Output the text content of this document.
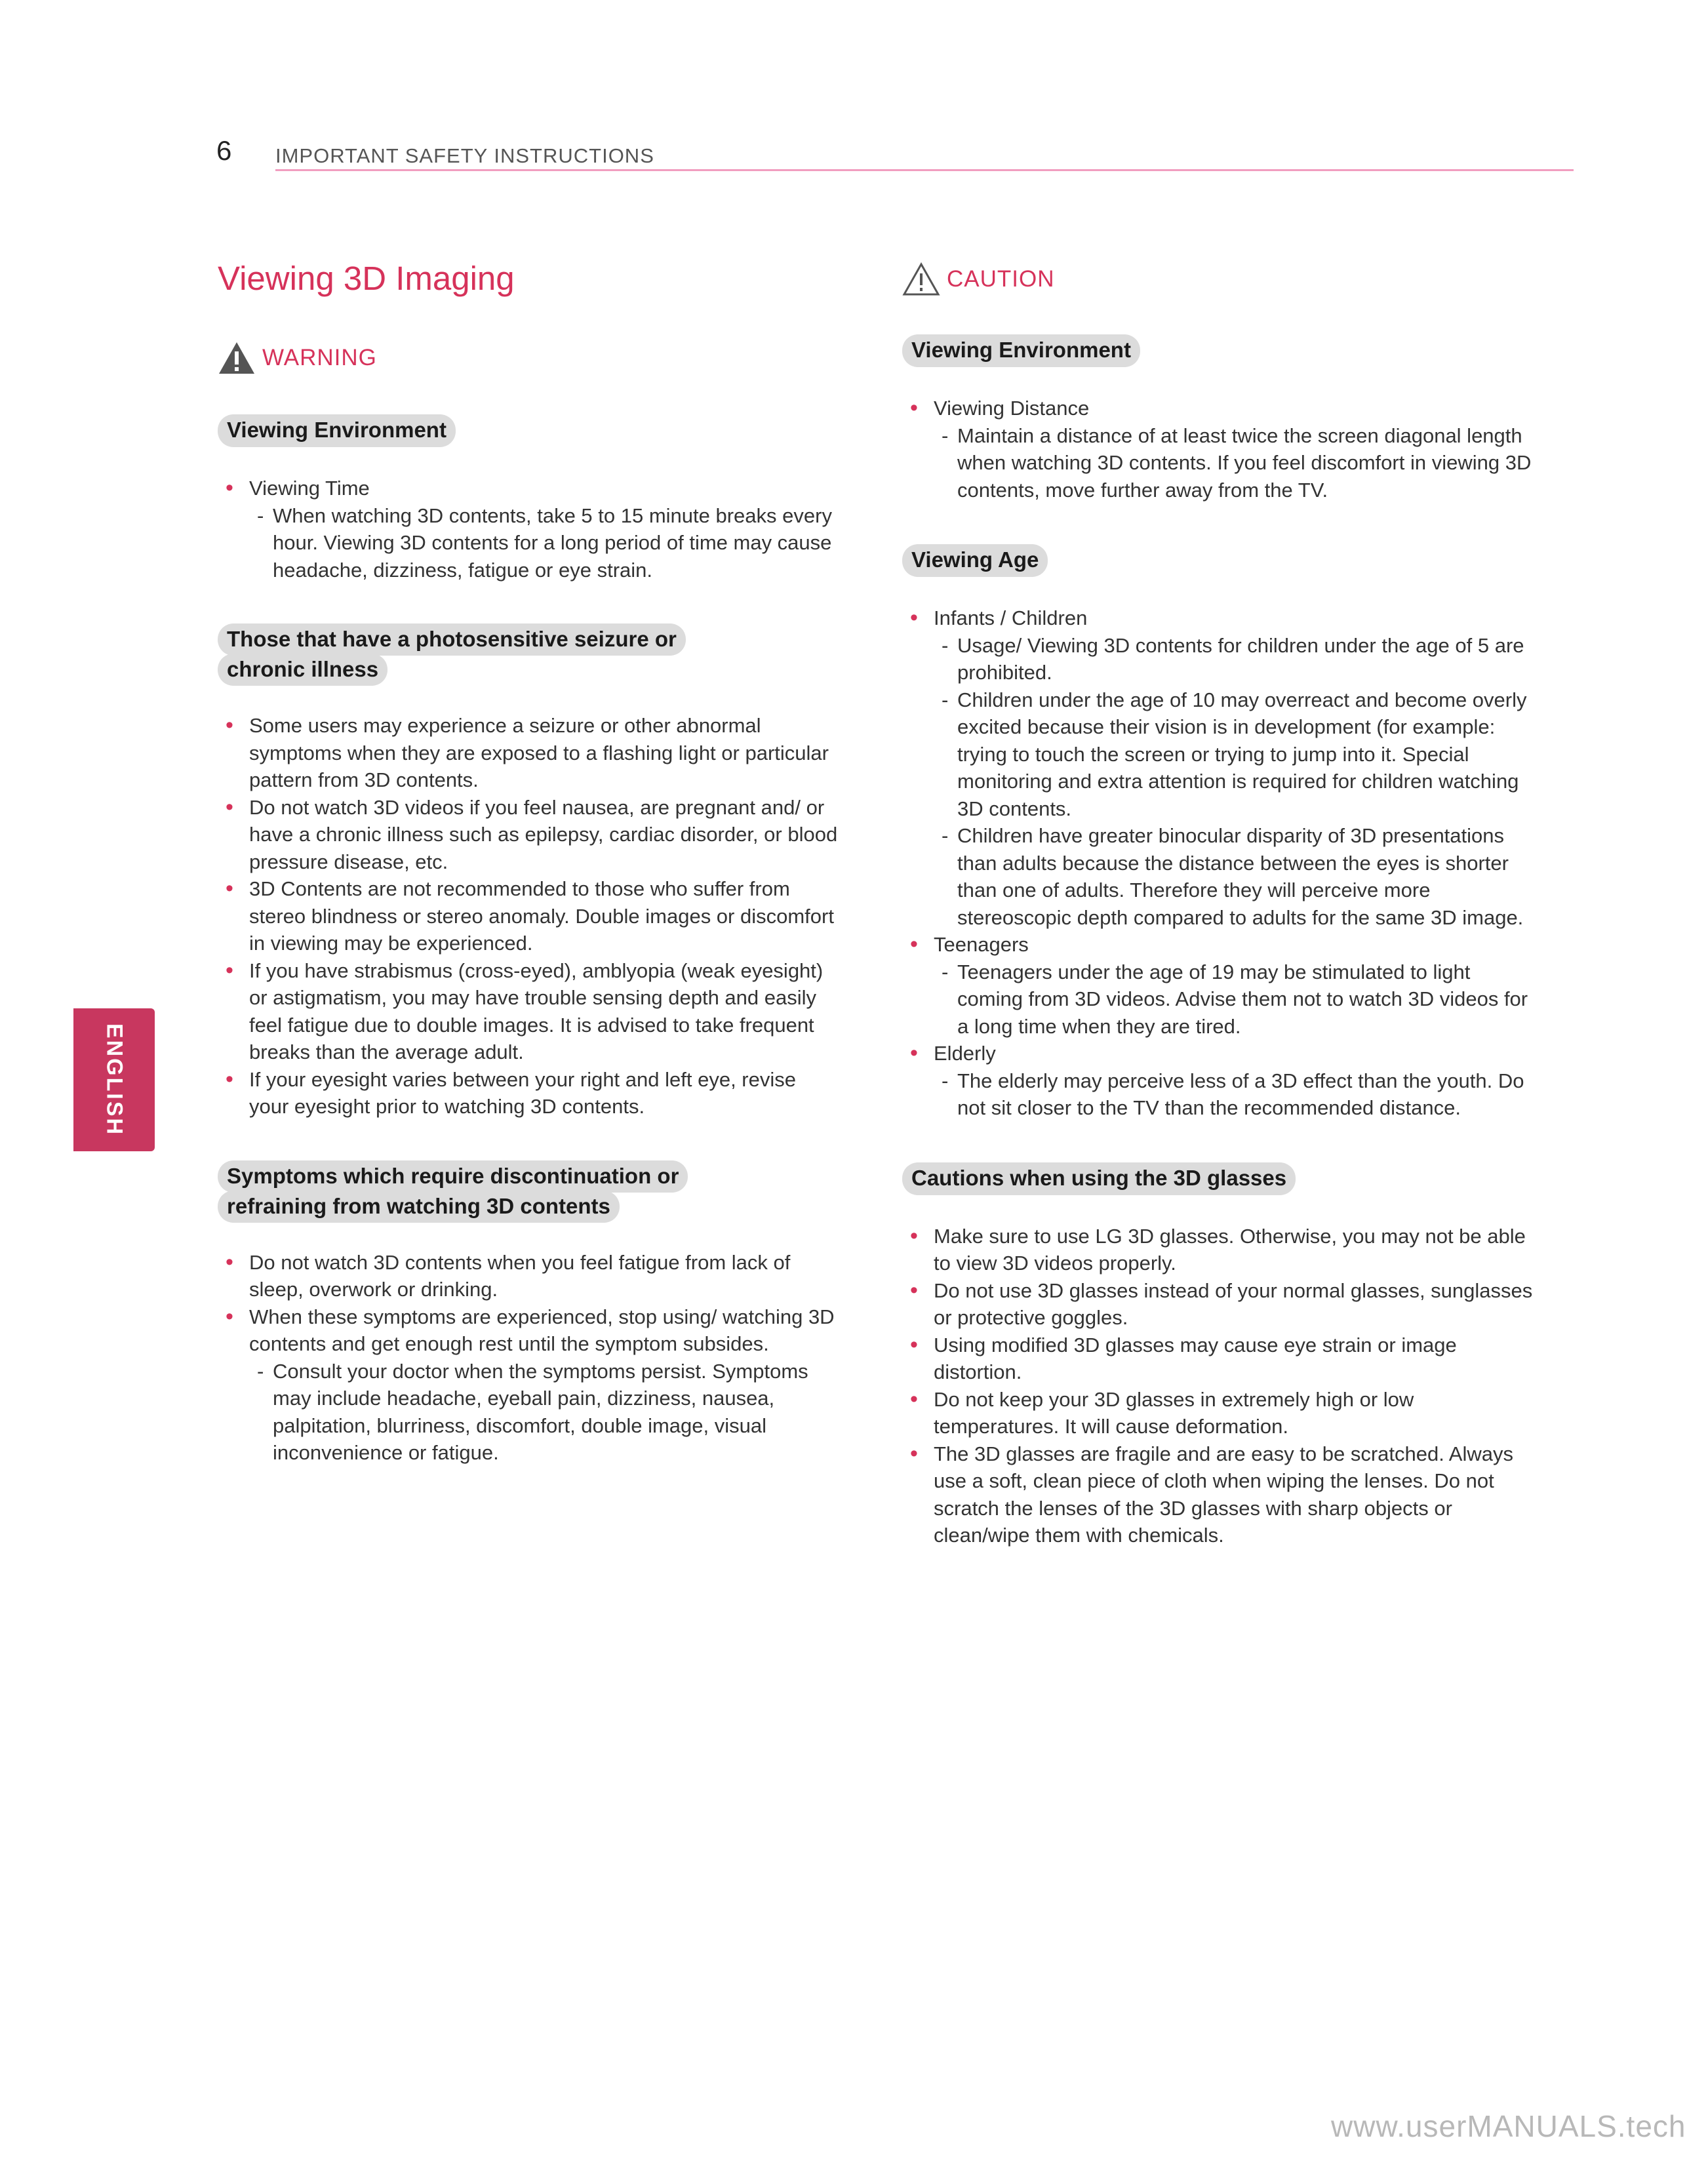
6 IMPORTANT SAFETY INSTRUCTIONS
ENGLISH
Viewing 3D Imaging
WARNING
Viewing Environment
• Viewing Time
- When watching 3D contents, take 5 to 15 minute breaks every hour. Viewing 3D contents for a long period of time may cause headache, dizziness, fatigue or eye strain.
Those that have a photosensitive seizure or
chronic illness
• Some users may experience a seizure or other abnormal symptoms when they are exposed to a flashing light or particular pattern from 3D contents.
• Do not watch 3D videos if you feel nausea, are pregnant and/ or have a chronic illness such as epilepsy, cardiac disorder, or blood pressure disease, etc.
• 3D Contents are not recommended to those who suffer from stereo blindness or stereo anomaly. Double images or discomfort in viewing may be experienced.
• If you have strabismus (cross-eyed), amblyopia (weak eyesight) or astigmatism, you may have trouble sensing depth and easily feel fatigue due to double images. It is advised to take frequent breaks than the average adult.
• If your eyesight varies between your right and left eye, revise your eyesight prior to watching 3D contents.
Symptoms which require discontinuation or
refraining from watching 3D contents
• Do not watch 3D contents when you feel fatigue from lack of sleep, overwork or drinking.
• When these symptoms are experienced, stop using/ watching 3D contents and get enough rest until the symptom subsides.
- Consult your doctor when the symptoms persist. Symptoms may include headache, eyeball pain, dizziness, nausea, palpitation, blurriness, discomfort, double image, visual inconvenience or fatigue.
CAUTION
Viewing Environment
• Viewing Distance
- Maintain a distance of at least twice the screen diagonal length when watching 3D contents. If you feel discomfort in viewing 3D contents, move further away from the TV.
Viewing Age
• Infants / Children
- Usage/ Viewing 3D contents for children under the age of 5 are prohibited.
- Children under the age of 10 may overreact and become overly excited because their vision is in development (for example: trying to touch the screen or trying to jump into it. Special monitoring and extra attention is required for children watching 3D contents.
- Children have greater binocular disparity of 3D presentations than adults because the distance between the eyes is shorter than one of adults. Therefore they will perceive more stereoscopic depth compared to adults for the same 3D image.
• Teenagers
- Teenagers under the age of 19 may be stimulated to light coming from 3D videos. Advise them not to watch 3D videos for a long time when they are tired.
• Elderly
- The elderly may perceive less of a 3D effect than the youth. Do not sit closer to the TV than the recommended distance.
Cautions when using the 3D glasses
• Make sure to use LG 3D glasses. Otherwise, you may not be able to view 3D videos properly.
• Do not use 3D glasses instead of your normal glasses, sunglasses or protective goggles.
• Using modified 3D glasses may cause eye strain or image distortion.
• Do not keep your 3D glasses in extremely high or low temperatures. It will cause deformation.
• The 3D glasses are fragile and are easy to be scratched. Always use a soft, clean piece of cloth when wiping the lenses. Do not scratch the lenses of the 3D glasses with sharp objects or clean/wipe them with chemicals.
www.userMANUALS.tech
